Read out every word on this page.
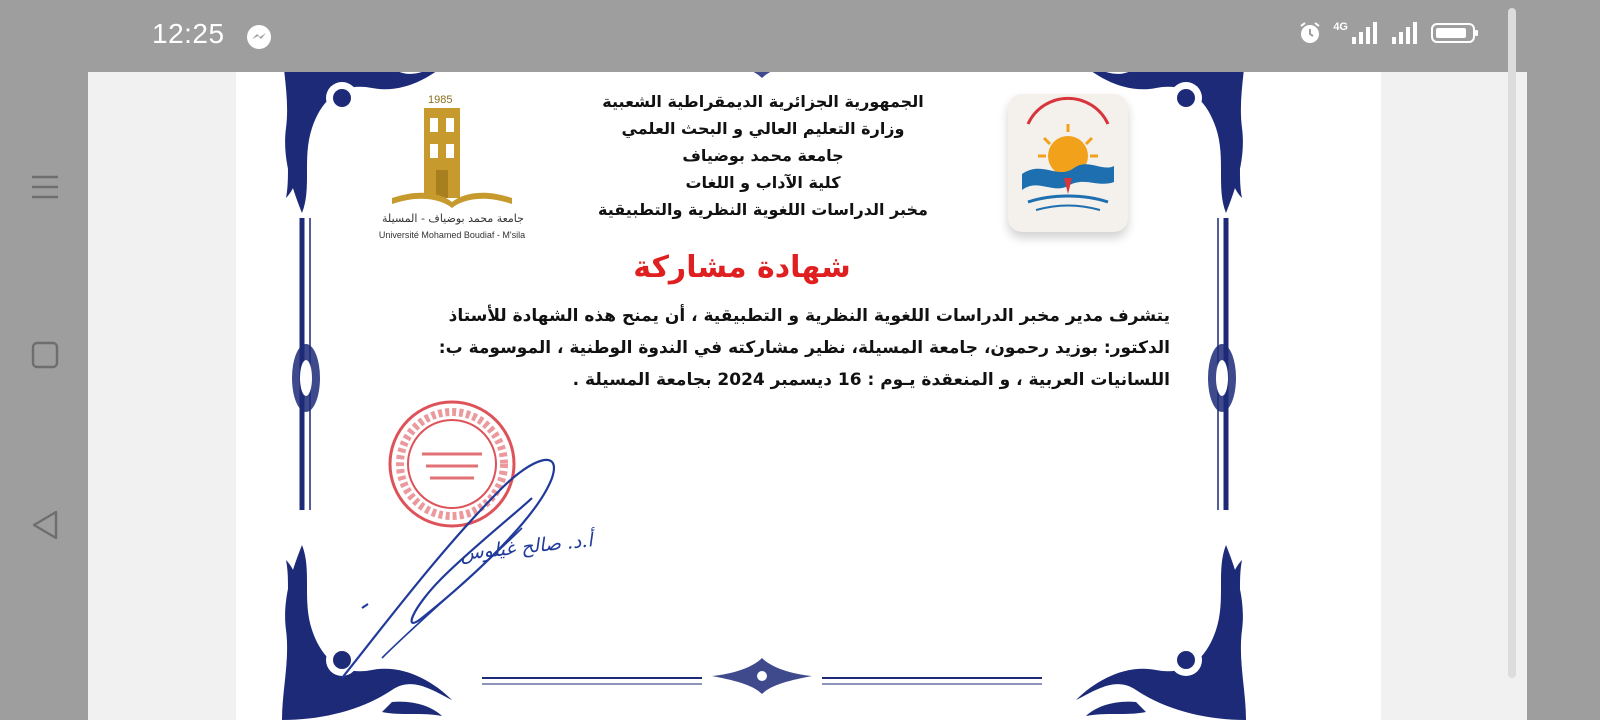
12:25	4G
1985
جامعة محمد بوضياف - المسيلة
Université Mohamed Boudiaf - M'sila
الجمهورية الجزائرية الديمقراطية الشعبية
وزارة التعليم العالي و البحث العلمي
جامعة محمد بوضياف
كلية الآداب و اللغات
مخبر الدراسات اللغوية النظرية والتطبيقية
شهادة مشاركة
يتشرف مدير مخبر الدراسات اللغوية النظرية و التطبيقية ، أن يمنح هذه الشهادة للأستاذ
الدكتور: بوزيد رحمون، جامعة المسيلة، نظير مشاركته في الندوة الوطنية ، الموسومة ب:
اللسانيات العربية ، و المنعقدة يـوم : 16 ديسمبر 2024 بجامعة المسيلة .
أ.د. صالح غيلوس
